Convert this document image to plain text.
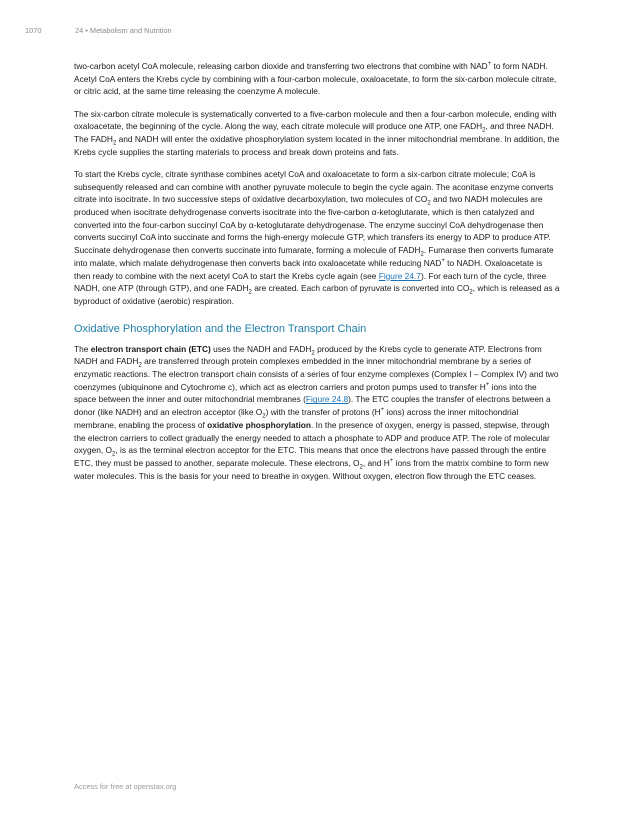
1070	24 • Metabolism and Nutrition

two-carbon acetyl CoA molecule, releasing carbon dioxide and transferring two electrons that combine with NAD+ to form NADH. Acetyl CoA enters the Krebs cycle by combining with a four-carbon molecule, oxaloacetate, to form the six-carbon molecule citrate, or citric acid, at the same time releasing the coenzyme A molecule.

The six-carbon citrate molecule is systematically converted to a five-carbon molecule and then a four-carbon molecule, ending with oxaloacetate, the beginning of the cycle. Along the way, each citrate molecule will produce one ATP, one $FADH_2$, and three NADH. The $FADH_2$ and NADH will enter the oxidative phosphorylation system located in the inner mitochondrial membrane. In addition, the Krebs cycle supplies the starting materials to process and break down proteins and fats.

To start the Krebs cycle, citrate synthase combines acetyl CoA and oxaloacetate to form a six-carbon citrate molecule; CoA is subsequently released and can combine with another pyruvate molecule to begin the cycle again. The aconitase enzyme converts citrate into isocitrate. In two successive steps of oxidative decarboxylation, two molecules of $CO_2$ and two NADH molecules are produced when isocitrate dehydrogenase converts isocitrate into the five-carbon α-ketoglutarate, which is then catalyzed and converted into the four-carbon succinyl CoA by α-ketoglutarate dehydrogenase. The enzyme succinyl CoA dehydrogenase then converts succinyl CoA into succinate and forms the high-energy molecule GTP, which transfers its energy to ADP to produce ATP. Succinate dehydrogenase then converts succinate into fumarate, forming a molecule of $FADH_2$. Fumarase then converts fumarate into malate, which malate dehydrogenase then converts back into oxaloacetate while reducing NAD+ to NADH. Oxaloacetate is then ready to combine with the next acetyl CoA to start the Krebs cycle again (see Figure 24.7). For each turn of the cycle, three NADH, one ATP (through GTP), and one $FADH_2$ are created. Each carbon of pyruvate is converted into $CO_2$, which is released as a byproduct of oxidative (aerobic) respiration.

Oxidative Phosphorylation and the Electron Transport Chain

The electron transport chain (ETC) uses the NADH and $FADH_2$ produced by the Krebs cycle to generate ATP. Electrons from NADH and $FADH_2$ are transferred through protein complexes embedded in the inner mitochondrial membrane by a series of enzymatic reactions. The electron transport chain consists of a series of four enzyme complexes (Complex I – Complex IV) and two coenzymes (ubiquinone and Cytochrome c), which act as electron carriers and proton pumps used to transfer H+ ions into the space between the inner and outer mitochondrial membranes (Figure 24.8). The ETC couples the transfer of electrons between a donor (like NADH) and an electron acceptor (like $O_2$) with the transfer of protons (H+ ions) across the inner mitochondrial membrane, enabling the process of oxidative phosphorylation. In the presence of oxygen, energy is passed, stepwise, through the electron carriers to collect gradually the energy needed to attach a phosphate to ADP and produce ATP. The role of molecular oxygen, $O_2$, is as the terminal electron acceptor for the ETC. This means that once the electrons have passed through the entire ETC, they must be passed to another, separate molecule. These electrons, $O_2$, and H+ ions from the matrix combine to form new water molecules. This is the basis for your need to breathe in oxygen. Without oxygen, electron flow through the ETC ceases.

Access for free at openstax.org
